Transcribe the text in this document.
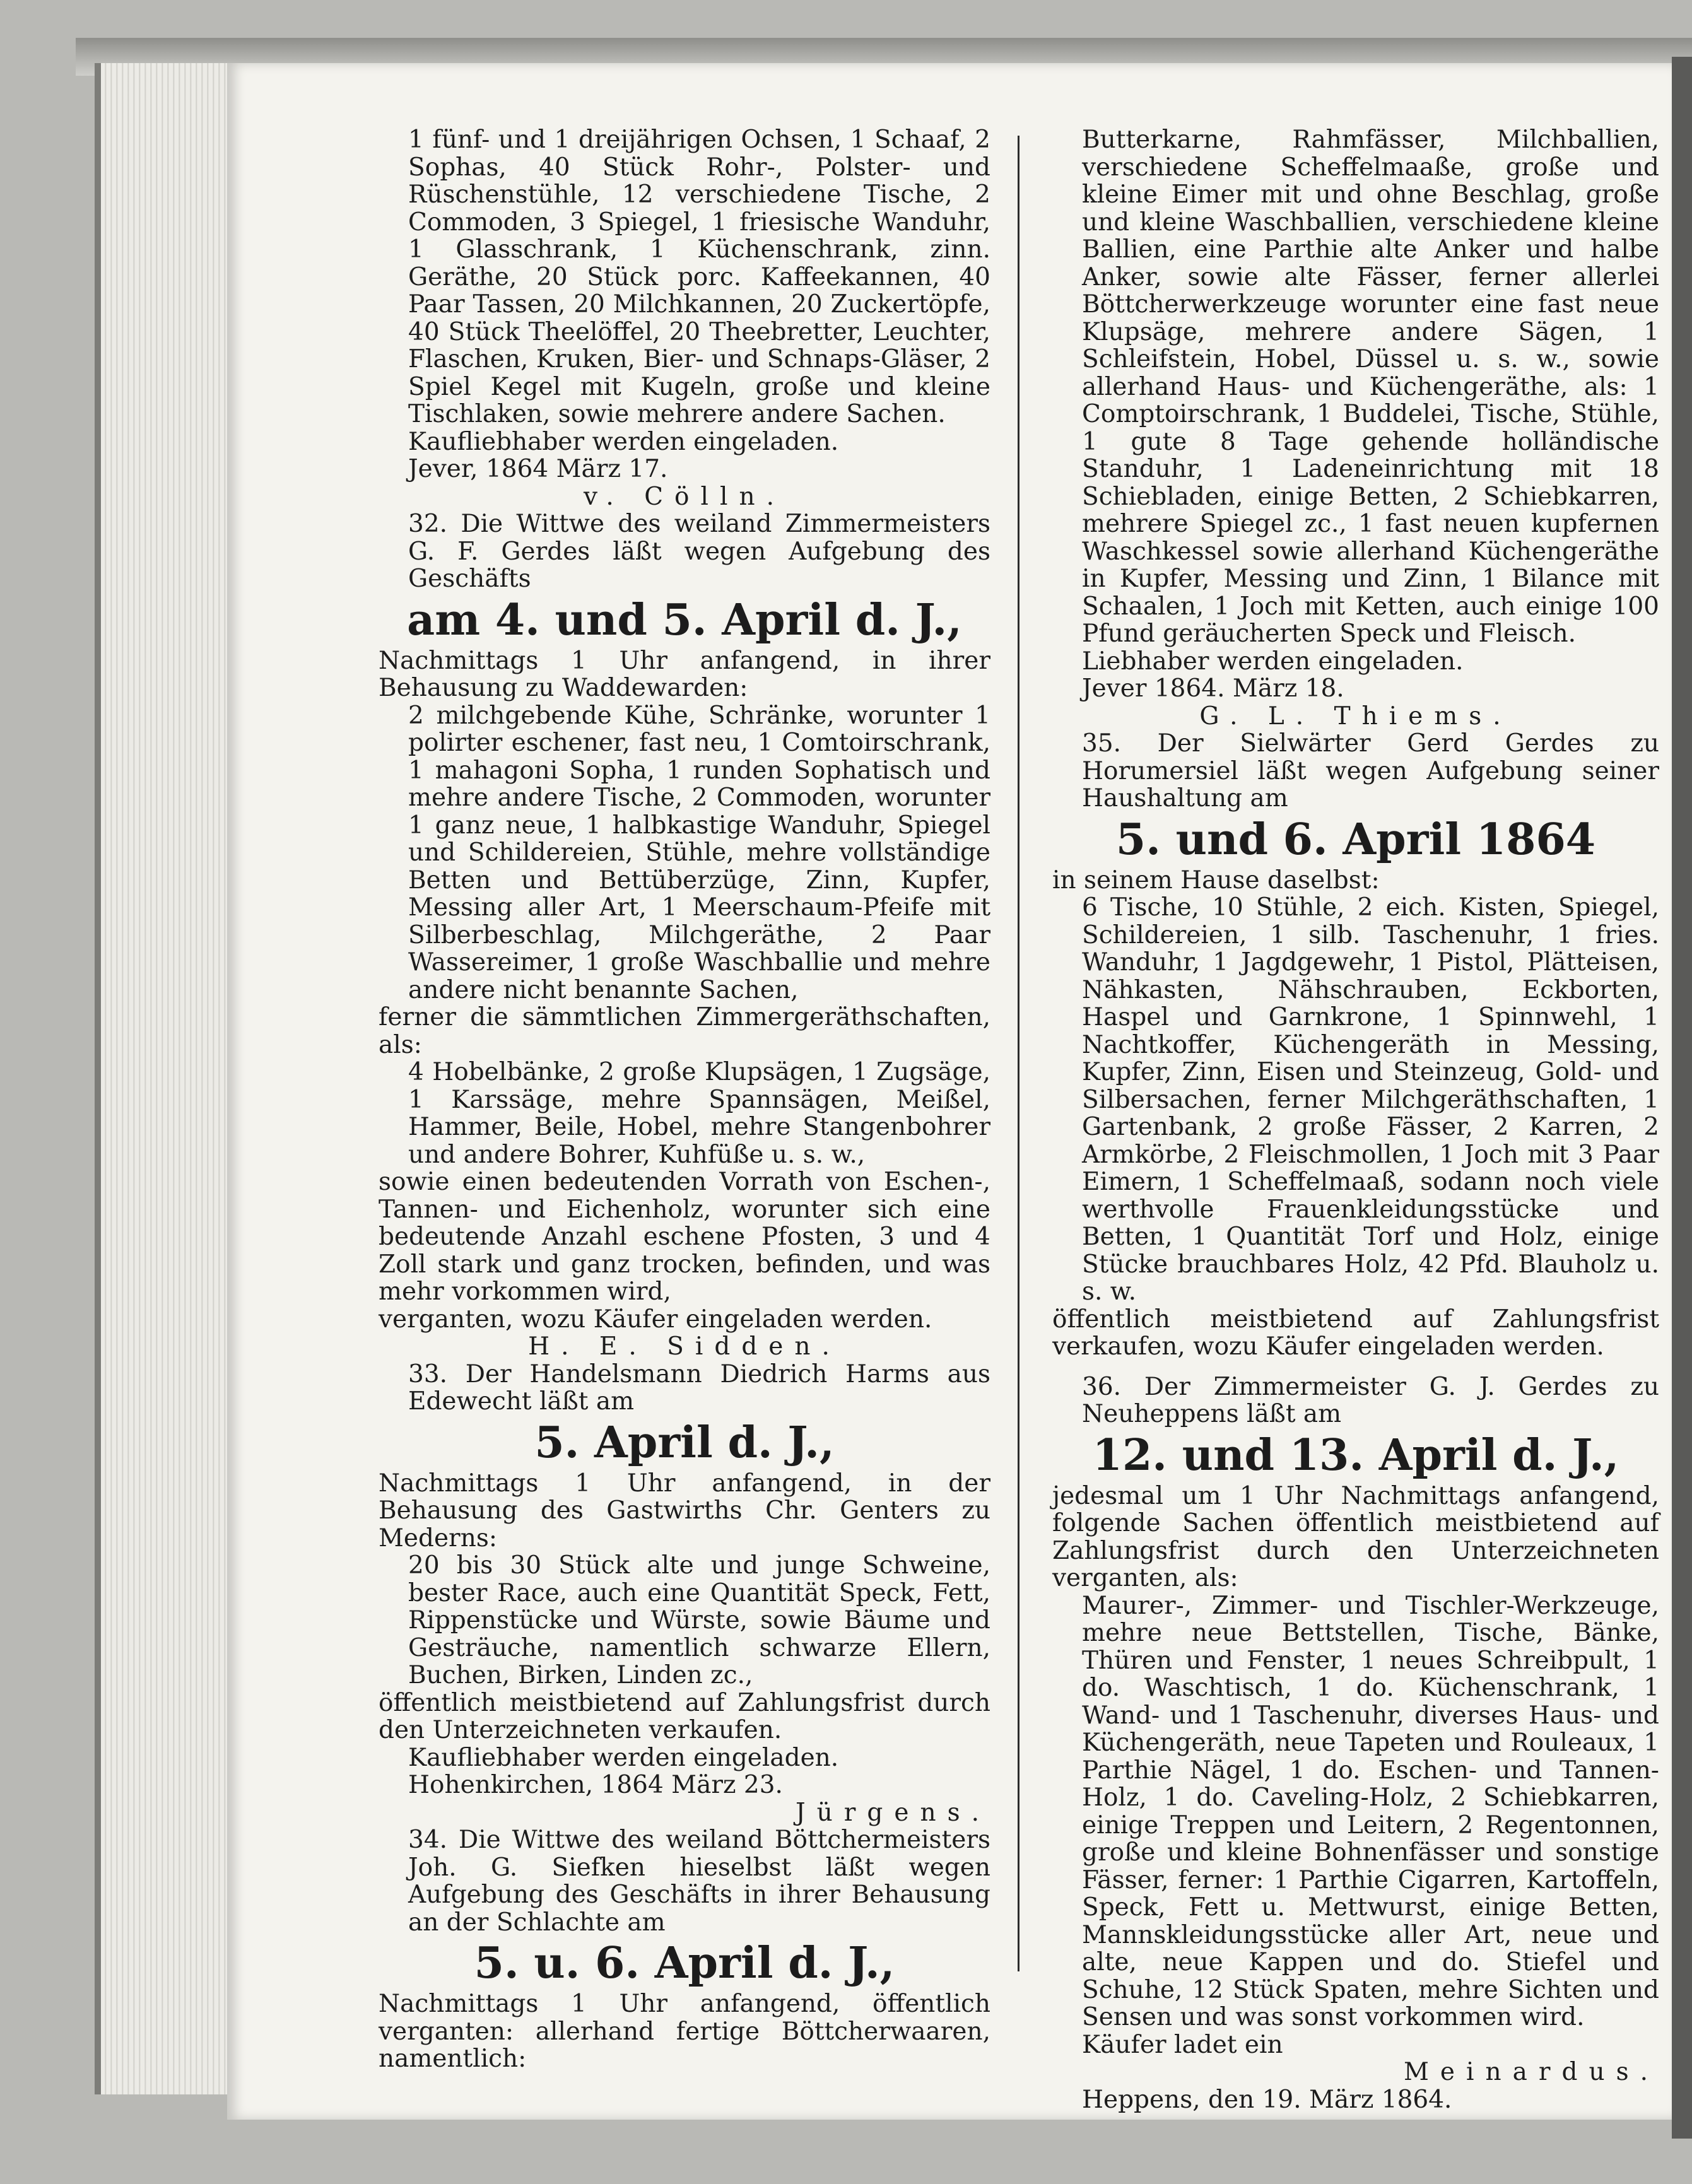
1 fünf- und 1 dreijährigen Ochsen, 1 Schaaf, 2 Sophas, 40 Stück Rohr-, Polster- und Rüschenstühle, 12 verschiedene Tische, 2 Commoden, 3 Spiegel, 1 friesische Wanduhr, 1 Glasschrank, 1 Küchenschrank, zinn. Geräthe, 20 Stück porc. Kaffeekannen, 40 Paar Tassen, 20 Milchkannen, 20 Zuckertöpfe, 40 Stück Theelöffel, 20 Theebretter, Leuchter, Flaschen, Kruken, Bier- und Schnaps-Gläser, 2 Spiel Kegel mit Kugeln, große und kleine Tischlaken, sowie mehrere andere Sachen.

Kaufliebhaber werden eingeladen.

Jever, 1864 März 17.

v. Cölln.

32. Die Wittwe des weiland Zimmermeisters G. F. Gerdes läßt wegen Aufgebung des Geschäfts

am 4. und 5. April d. J.,

Nachmittags 1 Uhr anfangend, in ihrer Behausung zu Waddewarden:

2 milchgebende Kühe, Schränke, worunter 1 polirter eschener, fast neu, 1 Comtoirschrank, 1 mahagoni Sopha, 1 runden Sophatisch und mehre andere Tische, 2 Commoden, worunter 1 ganz neue, 1 halbkastige Wanduhr, Spiegel und Schildereien, Stühle, mehre vollständige Betten und Bettüberzüge, Zinn, Kupfer, Messing aller Art, 1 Meerschaum-Pfeife mit Silberbeschlag, Milchgeräthe, 2 Paar Wassereimer, 1 große Waschballie und mehre andere nicht benannte Sachen,

ferner die sämmtlichen Zimmergeräthschaften, als:

4 Hobelbänke, 2 große Klupsägen, 1 Zugsäge, 1 Karssäge, mehre Spannsägen, Meißel, Hammer, Beile, Hobel, mehre Stangenbohrer und andere Bohrer, Kuhfüße u. s. w.,

sowie einen bedeutenden Vorrath von Eschen-, Tannen- und Eichenholz, worunter sich eine bedeutende Anzahl eschene Pfosten, 3 und 4 Zoll stark und ganz trocken, befinden, und was mehr vorkommen wird,

verganten, wozu Käufer eingeladen werden.

H. E. Sidden.

33. Der Handelsmann Diedrich Harms aus Edewecht läßt am

5. April d. J.,

Nachmittags 1 Uhr anfangend, in der Behausung des Gastwirths Chr. Genters zu Mederns:

20 bis 30 Stück alte und junge Schweine, bester Race, auch eine Quantität Speck, Fett, Rippenstücke und Würste, sowie Bäume und Gesträuche, namentlich schwarze Ellern, Buchen, Birken, Linden zc.,

öffentlich meistbietend auf Zahlungsfrist durch den Unterzeichneten verkaufen.

Kaufliebhaber werden eingeladen.

Hohenkirchen, 1864 März 23.

Jürgens.

34. Die Wittwe des weiland Böttchermeisters Joh. G. Siefken hieselbst läßt wegen Aufgebung des Geschäfts in ihrer Behausung an der Schlachte am

5. u. 6. April d. J.,

Nachmittags 1 Uhr anfangend, öffentlich verganten: allerhand fertige Böttcherwaaren, namentlich:

Butterkarne, Rahmfässer, Milchballien, verschiedene Scheffelmaaße, große und kleine Eimer mit und ohne Beschlag, große und kleine Waschballien, verschiedene kleine Ballien, eine Parthie alte Anker und halbe Anker, sowie alte Fässer, ferner allerlei Böttcherwerkzeuge worunter eine fast neue Klupsäge, mehrere andere Sägen, 1 Schleifstein, Hobel, Düssel u. s. w., sowie allerhand Haus- und Küchengeräthe, als: 1 Comptoirschrank, 1 Buddelei, Tische, Stühle, 1 gute 8 Tage gehende holländische Standuhr, 1 Ladeneinrichtung mit 18 Schiebladen, einige Betten, 2 Schiebkarren, mehrere Spiegel zc., 1 fast neuen kupfernen Waschkessel sowie allerhand Küchengeräthe in Kupfer, Messing und Zinn, 1 Bilance mit Schaalen, 1 Joch mit Ketten, auch einige 100 Pfund geräucherten Speck und Fleisch.

Liebhaber werden eingeladen.

Jever 1864. März 18.

G. L. Thiems.

35. Der Sielwärter Gerd Gerdes zu Horumersiel läßt wegen Aufgebung seiner Haushaltung am

5. und 6. April 1864

in seinem Hause daselbst:

6 Tische, 10 Stühle, 2 eich. Kisten, Spiegel, Schildereien, 1 silb. Taschenuhr, 1 fries. Wanduhr, 1 Jagdgewehr, 1 Pistol, Plätteisen, Nähkasten, Nähschrauben, Eckborten, Haspel und Garnkrone, 1 Spinnwehl, 1 Nachtkoffer, Küchengeräth in Messing, Kupfer, Zinn, Eisen und Steinzeug, Gold- und Silbersachen, ferner Milchgeräthschaften, 1 Gartenbank, 2 große Fässer, 2 Karren, 2 Armkörbe, 2 Fleischmollen, 1 Joch mit 3 Paar Eimern, 1 Scheffelmaaß, sodann noch viele werthvolle Frauenkleidungsstücke und Betten, 1 Quantität Torf und Holz, einige Stücke brauchbares Holz, 42 Pfd. Blauholz u. s. w.

öffentlich meistbietend auf Zahlungsfrist verkaufen, wozu Käufer eingeladen werden.

36. Der Zimmermeister G. J. Gerdes zu Neuheppens läßt am

12. und 13. April d. J.,

jedesmal um 1 Uhr Nachmittags anfangend, folgende Sachen öffentlich meistbietend auf Zahlungsfrist durch den Unterzeichneten verganten, als:

Maurer-, Zimmer- und Tischler-Werkzeuge, mehre neue Bettstellen, Tische, Bänke, Thüren und Fenster, 1 neues Schreibpult, 1 do. Waschtisch, 1 do. Küchenschrank, 1 Wand- und 1 Taschenuhr, diverses Haus- und Küchengeräth, neue Tapeten und Rouleaux, 1 Parthie Nägel, 1 do. Eschen- und Tannen-Holz, 1 do. Caveling-Holz, 2 Schiebkarren, einige Treppen und Leitern, 2 Regentonnen, große und kleine Bohnenfässer und sonstige Fässer, ferner: 1 Parthie Cigarren, Kartoffeln, Speck, Fett u. Mettwurst, einige Betten, Mannskleidungsstücke aller Art, neue und alte, neue Kappen und do. Stiefel und Schuhe, 12 Stück Spaten, mehre Sichten und Sensen und was sonst vorkommen wird.

Käufer ladet ein

Meinardus.

Heppens, den 19. März 1864.
